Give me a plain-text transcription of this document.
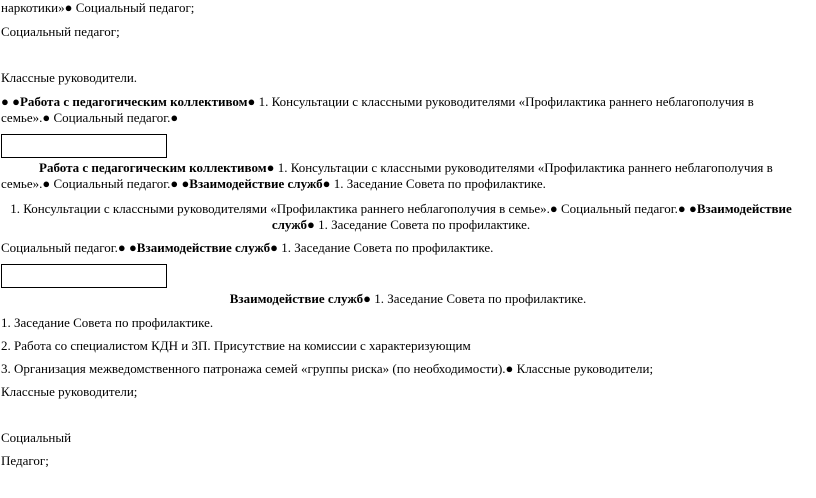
наркотики»● Социальный педагог;
Социальный педагог;
Классные руководители.
● ●Работа с педагогическим коллективом● 1. Консультации с классными руководителями «Профилактика раннего неблагополучия в семье».● Социальный педагог.●
Работа с педагогическим коллективом● 1. Консультации с классными руководителями «Профилактика раннего неблагополучия в семье».● Социальный педагог.● ●Взаимодействие служб● 1. Заседание Совета по профилактике.
1. Консультации с классными руководителями «Профилактика раннего неблагополучия в семье».● Социальный педагог.● ●Взаимодействие служб● 1. Заседание Совета по профилактике.
Социальный педагог.● ●Взаимодействие служб● 1. Заседание Совета по профилактике.
Взаимодействие служб● 1. Заседание Совета по профилактике.
1. Заседание Совета по профилактике.
2. Работа со специалистом КДН и ЗП. Присутствие на комиссии с характеризующим
3. Организация межведомственного патронажа семей «группы риска» (по необходимости).● Классные руководители;
Классные руководители;
Социальный
Педагог;
